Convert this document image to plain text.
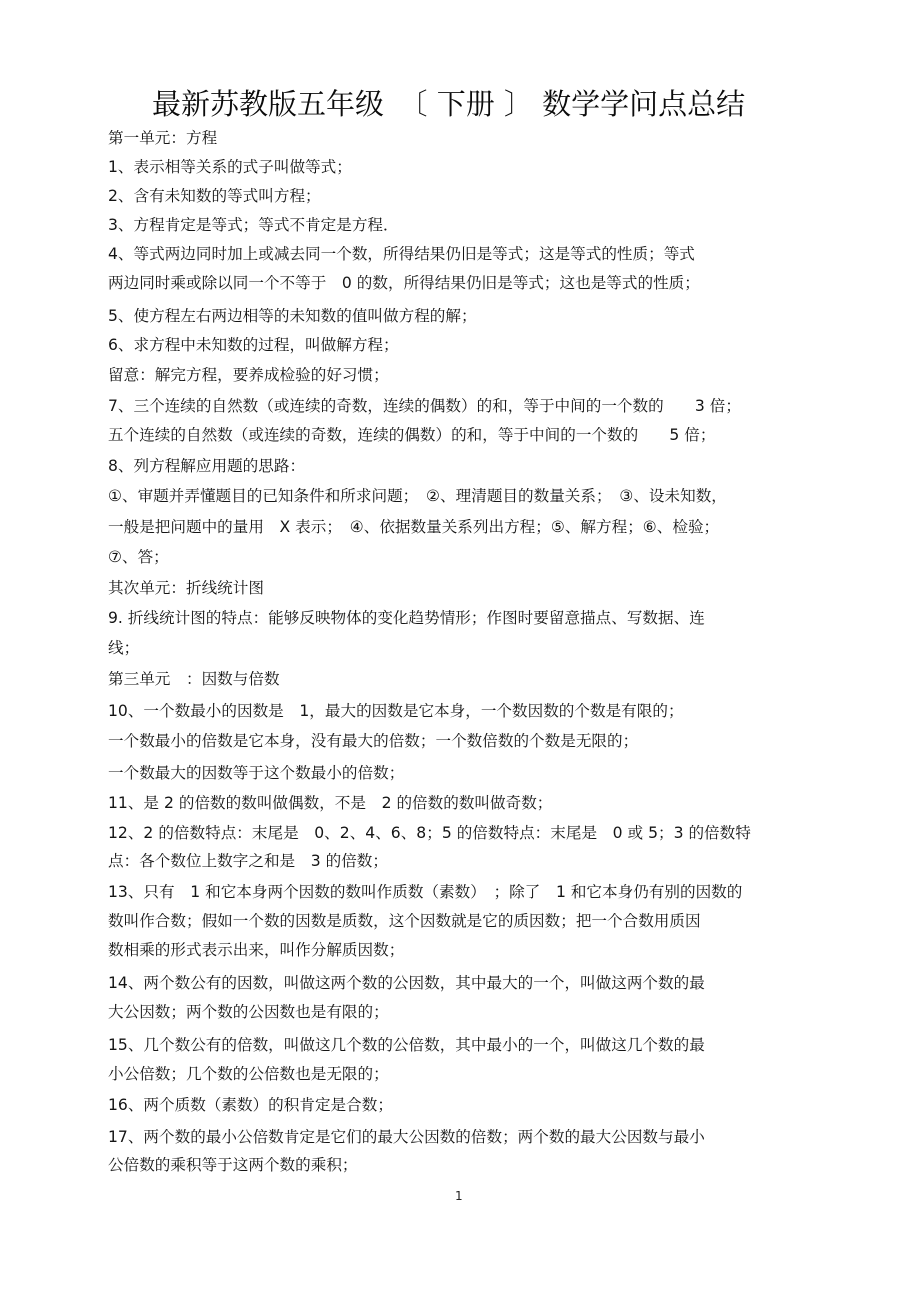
最新苏教版五年级　〔 下册 〕 数学学问点总结
第一单元：方程
1、表示相等关系的式子叫做等式；
2、含有未知数的等式叫方程；
3、方程肯定是等式；等式不肯定是方程．
4、等式两边同时加上或减去同一个数，所得结果仍旧是等式；这是等式的性质；等式
两边同时乘或除以同一个不等于　0 的数，所得结果仍旧是等式；这也是等式的性质；
5、使方程左右两边相等的未知数的值叫做方程的解；
6、求方程中未知数的过程，叫做解方程；
留意：解完方程，要养成检验的好习惯；
7、三个连续的自然数（或连续的奇数，连续的偶数）的和，等于中间的一个数的　　3 倍；
五个连续的自然数（或连续的奇数，连续的偶数）的和，等于中间的一个数的　　5 倍；
8、列方程解应用题的思路：
①、审题并弄懂题目的已知条件和所求问题；　②、理清题目的数量关系；　③、设未知数，
一般是把问题中的量用　X 表示；　④、依据数量关系列出方程；⑤、解方程；⑥、检验；
⑦、答；
其次单元：折线统计图
9. 折线统计图的特点：能够反映物体的变化趋势情形；作图时要留意描点、写数据、连
线；
第三单元　：因数与倍数
10、一个数最小的因数是　1，最大的因数是它本身，一个数因数的个数是有限的；
一个数最小的倍数是它本身，没有最大的倍数；一个数倍数的个数是无限的；
一个数最大的因数等于这个数最小的倍数；
11、是 2 的倍数的数叫做偶数，不是　2 的倍数的数叫做奇数；
12、2 的倍数特点：末尾是　0、2、4、6、8；5 的倍数特点：末尾是　0 或 5；3 的倍数特
点：各个数位上数字之和是　3 的倍数；
13、只有　1 和它本身两个因数的数叫作质数（素数）　；除了　1 和它本身仍有别的因数的
数叫作合数；假如一个数的因数是质数，这个因数就是它的质因数；把一个合数用质因
数相乘的形式表示出来，叫作分解质因数；
14、两个数公有的因数，叫做这两个数的公因数，其中最大的一个，叫做这两个数的最
大公因数；两个数的公因数也是有限的；
15、几个数公有的倍数，叫做这几个数的公倍数，其中最小的一个，叫做这几个数的最
小公倍数；几个数的公倍数也是无限的；
16、两个质数（素数）的积肯定是合数；
17、两个数的最小公倍数肯定是它们的最大公因数的倍数；两个数的最大公因数与最小
公倍数的乘积等于这两个数的乘积；
1
